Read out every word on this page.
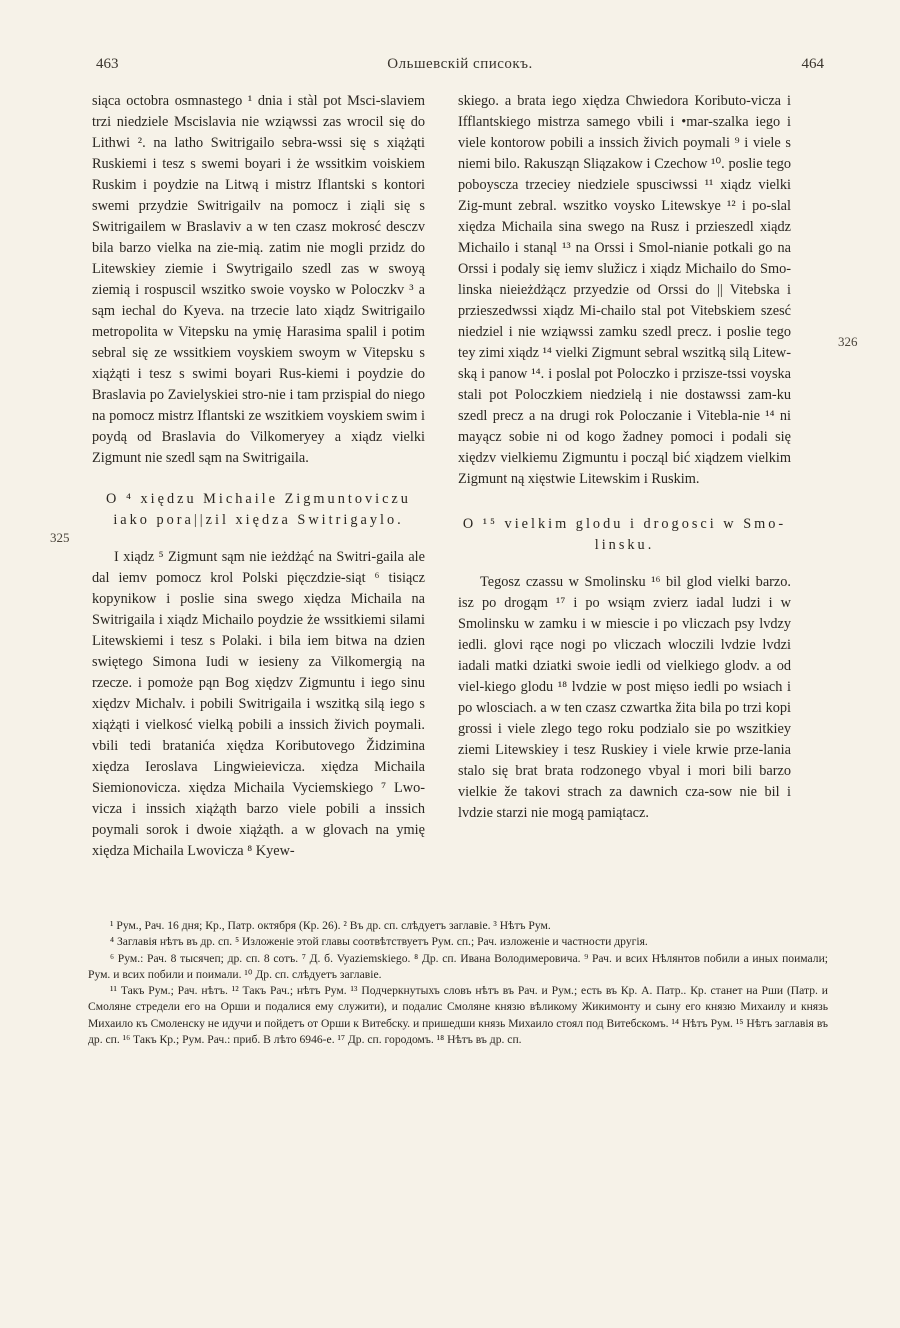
463	Ольшевскій списокъ.	464
325
326

siącа octobra osmnastego ¹ dnia i stàl pot Msci-slaviem trzi niedziele Mscislavia nie wziąwssi zas wrocil się do Lithwi ². na latho Switrigailo sebra-wssi się s xiążąti Ruskiemi i tesz s swemi boyari i że wssitkim voiskiem Ruskim i poydzie na Litwą i mistrz Iflantski s kontori swemi przydzie Switrigailv na pomocz i ziąli się s Switrigailem w Braslaviv a w ten czasz mokrosć desczv bila barzo vielka na zie-mią. zatim nie mogli przidz do Litewskiey ziemie i Swytrigailo szedl zas w swoyą ziemią i rospuscil wszitko swoie voysko w Poloczkv ³ a sąm iechal do Kyeva. na trzecie lato xiądz Switrigailo metropolita w Vitepsku na ymię Harasima spalil i potim sebral się ze wssitkiem voyskiem swoym w Vitepsku s xiążąti i tesz s swimi boyari Rus-kiemi i poydzie do Braslavia po Zavielyskiei stro-nie i tam przispial do niego na pomocz mistrz Iflantski ze wszitkiem voyskiem swim i poydą od Braslavia do Vilkomeryey a xiądz vielki Zigmunt nie szedl sąm na Switrigaila.

O ⁴ xiędzu Michaile Zigmuntoviczu iako pora||zil xiędza Switrigaylo.

I xiądz ⁵ Zigmunt sąm nie ieżdżąć na Switri-gaila ale dal iemv pomocz krol Polski pięczdzie-siąt ⁶ tisiącz kopynikow i poslie sina swego xiędza Michaila na Switrigaila i xiądz Michailo poydzie że wssitkiemi silami Litewskiemi i tesz s Polaki. i bila iem bitwa na dzien swiętego Simona Iudi w iesieny za Vilkomergią na rzecze. i pomoże pąn Bog xiędzv Zigmuntu i iego sinu xiędzv Michalv. i pobili Switrigaila i wszitką silą iego s xiążąti i vielkosć vielką pobili a inssich živich poymali. vbili tedi bratanića xiędza Koributovego Židzimina xiędza Ieroslava Lingwieievicza. xiędza Michaila Siemionovicza. xiędza Michaila Vyciemskiego ⁷ Lwo-vicza i inssich xiążąth barzo viele pobili a inssich poymali sorok i dwoie xiążąth. a w glovach na ymię xiędza Michaila Lwovicza ⁸ Kyew-

skiego. a brata iego xiędza Chwiedora Koributo-vicza i Ifflantskiego mistrza samego vbili i •mar-szalka iego i viele kontorow pobili a inssich živich poymali ⁹ i viele s niemi bilo. Rakusząn Sliązakow i Czechow ¹⁰. poslie tego poboyscza trzeciey niedziele spusciwssi ¹¹ xiądz vielki Zig-munt zebral. wszitko voysko Litewskye ¹² i po-slal xiędza Michaila sina swego na Rusz i przieszedl xiądz Michailo i stanąl ¹³ na Orssi i Smol-nianie potkali go na Orssi i podaly się iemv služicz i xiądz Michailo do Smo-linska nieieżdżącz przyedzie od Orssi do || Vitebska i przieszedwssi xiądz Mi-chailo stal pot Vitebskiem szesć niedziel i nie wziąwssi zamku szedl precz. i poslie tego tey zimi xiądz ¹⁴ vielki Zigmunt sebral wszitką silą Litew-ską i panow ¹⁴. i poslal pot Poloczko i przisze-tssi voyska stali pot Poloczkiem niedzielą i nie dostawssi zam-ku szedl precz a na drugi rok Poloczanie i Vitebla-nie ¹⁴ ni mayącz sobie ni od kogo žadney pomoci i podali się xiędzv vielkiemu Zigmuntu i począl bić xiądzem vielkim Zigmunt ną xięstwie Litewskim i Ruskim.

O ¹⁵ vielkim glodu i drogosci w Smo-linsku.

Tegosz czassu w Smolinsku ¹⁶ bil glod vielki barzo. isz po drogąm ¹⁷ i po wsiąm zvierz iadal ludzi i w Smolinsku w zamku i w miescie i po vliczach psy lvdzy iedli. glovi rące nogi po vliczach wloczili lvdzie lvdzi iadali matki dziatki swoie iedli od vielkiego glodv. a od viel-kiego glodu ¹⁸ lvdzie w post mięso iedli po wsiach i po wlosciach. a w ten czasz czwartka žita bila po trzi kopi grossi i viele zlego tego roku podzialo sie po wszitkiey ziemi Litewskiey i tesz Ruskiey i viele krwie prze-lania stalo się brat brata rodzonego vbyal i mori bili barzo vielkie že takovi strach za dawnich cza-sow nie bil i lvdzie starzi nie mogą pamiątacz.

¹ Рум., Рач. 16 дня; Кр., Патр. октября (Кр. 26). ² Въ др. сп. слѣдуетъ заглавіе. ³ Нѣтъ Рум.

⁴ Заглавія нѣтъ въ др. сп. ⁵ Изложеніе этой главы соотвѣтствуетъ Рум. сп.; Рач. изложеніе и частности другія.

⁶ Рум.: Рач. 8 тысячеп; др. сп. 8 сотъ. ⁷ Д. б. Vyaziemskiego. ⁸ Др. сп. Ивана Володимеровича. ⁹ Рач. и всих Нѣлянтов побили а иных поимали; Рум. и всих побили и поимали. ¹⁰ Др. сп. слѣдуетъ заглавіе.

¹¹ Такъ Рум.; Рач. нѣтъ. ¹² Такъ Рач.; нѣтъ Рум. ¹³ Подчеркнутыхъ словъ нѣтъ въ Рач. и Рум.; есть въ Кр. А. Патр.. Кр. станет на Рши (Патр. и Смоляне стредели его на Орши и подалися ему служити), и подалис Смоляне князю вѣликому Жикимонту и сыну его князю Михаилу и князь Михаило къ Смоленску не идучи и пойдетъ от Орши к Витебску. и пришедши князь Михаило стоял под Витебскомъ. ¹⁴ Нѣтъ Рум. ¹⁵ Нѣтъ заглавія въ др. сп. ¹⁶ Такъ Кр.; Рум. Рач.: приб. В лѣто 6946-е. ¹⁷ Др. сп. городомъ. ¹⁸ Нѣтъ въ др. сп.
